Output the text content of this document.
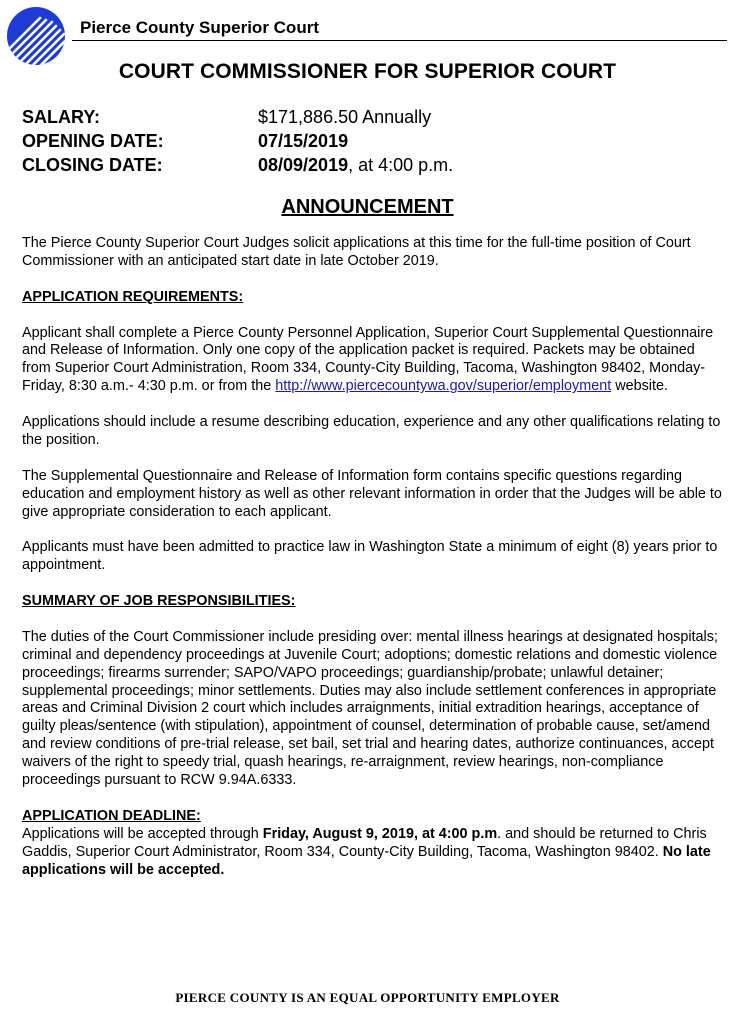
Pierce County Superior Court
COURT COMMISSIONER FOR SUPERIOR COURT
SALARY:	$171,886.50 Annually
OPENING DATE:	07/15/2019
CLOSING DATE:	08/09/2019, at 4:00 p.m.
ANNOUNCEMENT

The Pierce County Superior Court Judges solicit applications at this time for the full-time position of Court Commissioner with an anticipated start date in late October 2019.

APPLICATION REQUIREMENTS:

Applicant shall complete a Pierce County Personnel Application, Superior Court Supplemental Questionnaire and Release of Information. Only one copy of the application packet is required. Packets may be obtained from Superior Court Administration, Room 334, County-City Building, Tacoma, Washington 98402, Monday-Friday, 8:30 a.m.- 4:30 p.m. or from the http://www.piercecountywa.gov/superior/employment website.

Applications should include a resume describing education, experience and any other qualifications relating to the position.

The Supplemental Questionnaire and Release of Information form contains specific questions regarding education and employment history as well as other relevant information in order that the Judges will be able to give appropriate consideration to each applicant.

Applicants must have been admitted to practice law in Washington State a minimum of eight (8) years prior to appointment.

SUMMARY OF JOB RESPONSIBILITIES:

The duties of the Court Commissioner include presiding over: mental illness hearings at designated hospitals; criminal and dependency proceedings at Juvenile Court; adoptions; domestic relations and domestic violence proceedings; firearms surrender; SAPO/VAPO proceedings; guardianship/probate; unlawful detainer; supplemental proceedings; minor settlements. Duties may also include settlement conferences in appropriate areas and Criminal Division 2 court which includes arraignments, initial extradition hearings, acceptance of guilty pleas/sentence (with stipulation), appointment of counsel, determination of probable cause, set/amend and review conditions of pre-trial release, set bail, set trial and hearing dates, authorize continuances, accept waivers of the right to speedy trial, quash hearings, re-arraignment, review hearings, non-compliance proceedings pursuant to RCW 9.94A.6333.

APPLICATION DEADLINE:

Applications will be accepted through Friday, August 9, 2019, at 4:00 p.m. and should be returned to Chris Gaddis, Superior Court Administrator, Room 334, County-City Building, Tacoma, Washington 98402. No late applications will be accepted.

PIERCE COUNTY IS AN EQUAL OPPORTUNITY EMPLOYER
